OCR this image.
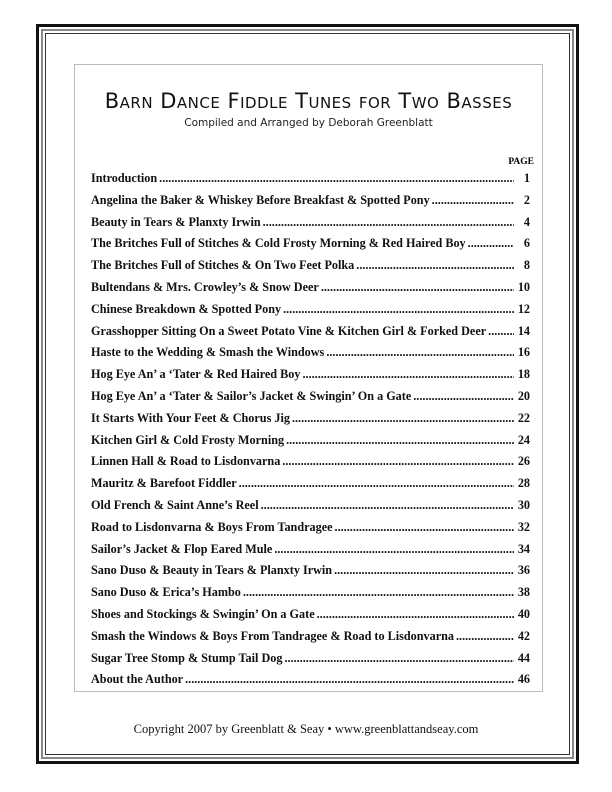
Barn Dance Fiddle Tunes for Two Basses
Compiled and Arranged by Deborah Greenblatt
PAGE
Introduction .....	1
Angelina the Baker & Whiskey Before Breakfast & Spotted Pony .....	2
Beauty in Tears & Planxty Irwin .....	4
The Britches Full of Stitches & Cold Frosty Morning & Red Haired Boy .....	6
The Britches Full of Stitches & On Two Feet Polka .....	8
Bultendans & Mrs. Crowley’s & Snow Deer .....	10
Chinese Breakdown & Spotted Pony .....	12
Grasshopper Sitting On a Sweet Potato Vine & Kitchen Girl & Forked Deer .....	14
Haste to the Wedding & Smash the Windows .....	16
Hog Eye An’ a ‘Tater & Red Haired Boy .....	18
Hog Eye An’ a ‘Tater & Sailor’s Jacket & Swingin’ On a Gate .....	20
It Starts With Your Feet & Chorus Jig .....	22
Kitchen Girl & Cold Frosty Morning .....	24
Linnen Hall & Road to Lisdonvarna .....	26
Mauritz & Barefoot Fiddler .....	28
Old French & Saint Anne’s Reel .....	30
Road to Lisdonvarna & Boys From Tandragee .....	32
Sailor’s Jacket & Flop Eared Mule .....	34
Sano Duso & Beauty in Tears & Planxty Irwin .....	36
Sano Duso & Erica’s Hambo .....	38
Shoes and Stockings & Swingin’ On a Gate .....	40
Smash the Windows & Boys From Tandragee & Road to Lisdonvarna .....	42
Sugar Tree Stomp & Stump Tail Dog .....	44
About the Author .....	46
Copyright 2007 by Greenblatt & Seay • www.greenblattandseay.com
